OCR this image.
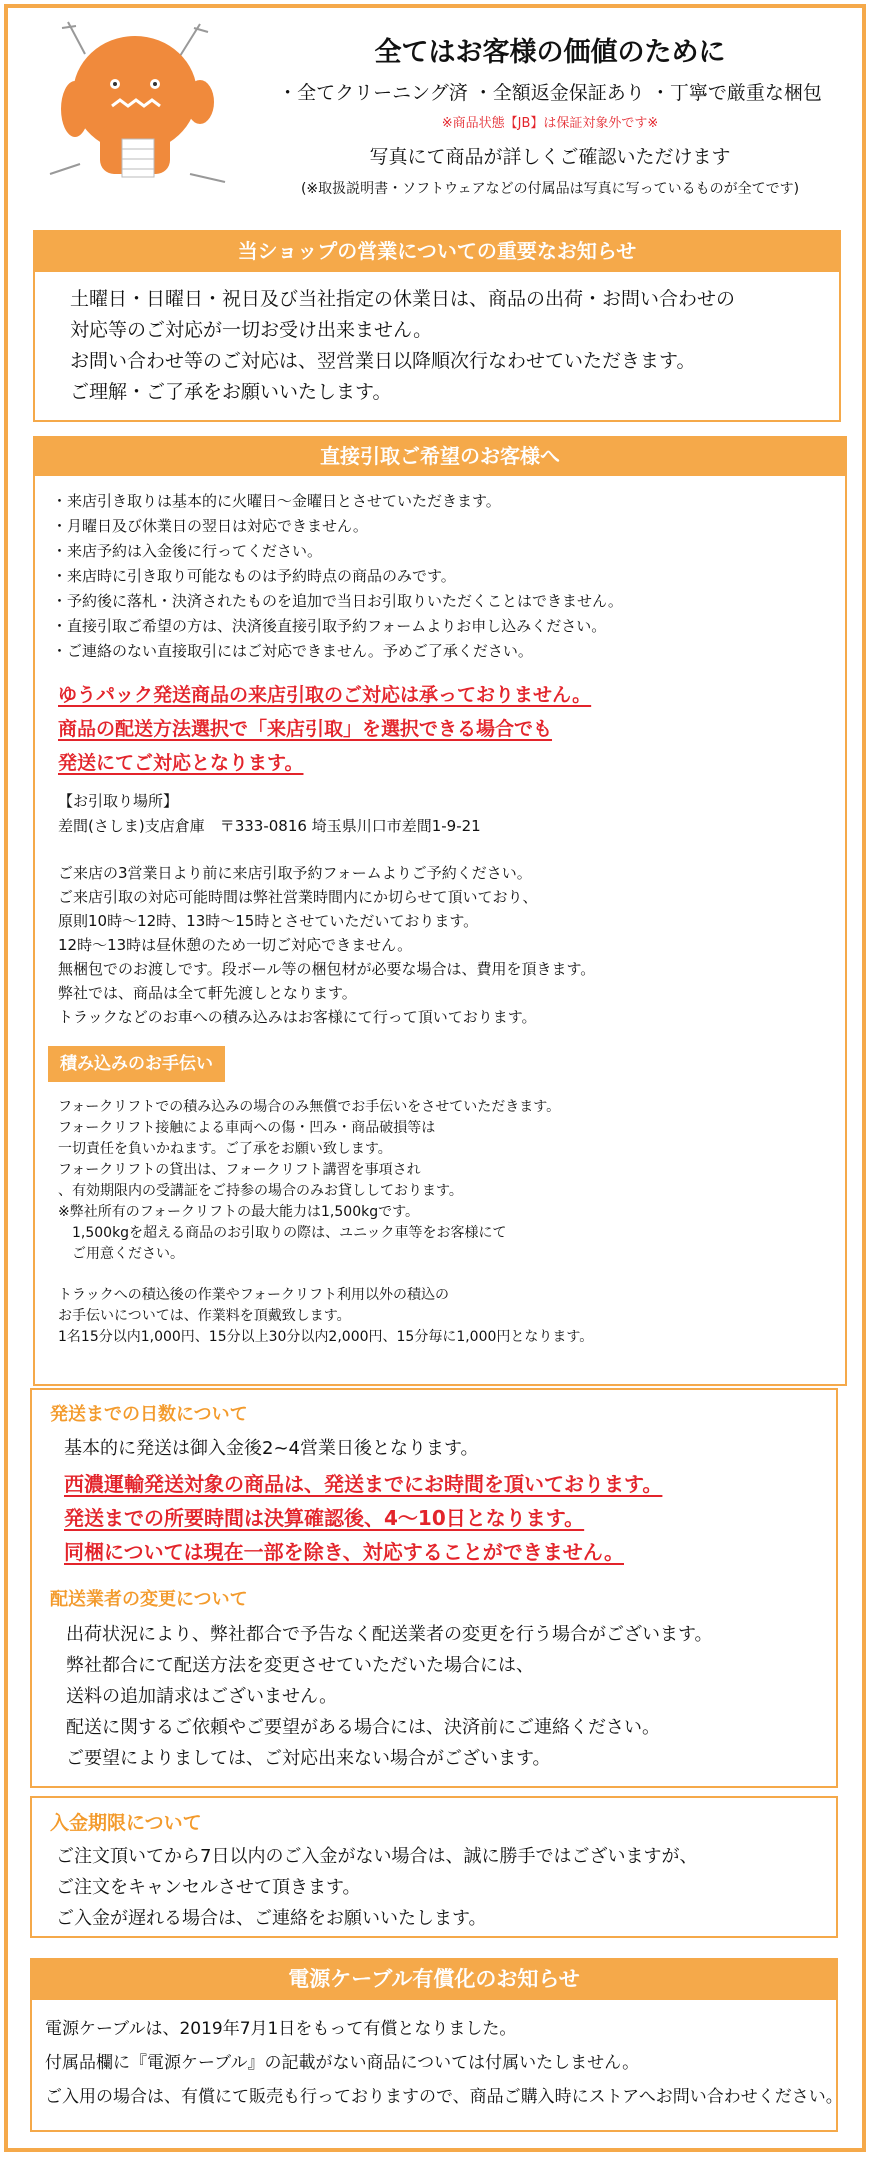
全てはお客様の価値のために
・全てクリーニング済 ・全額返金保証あり ・丁寧で厳重な梱包
※商品状態【JB】は保証対象外です※
写真にて商品が詳しくご確認いただけます
(※取扱説明書・ソフトウェアなどの付属品は写真に写っているものが全てです)
当ショップの営業についての重要なお知らせ
土曜日・日曜日・祝日及び当社指定の休業日は、商品の出荷・お問い合わせの
対応等のご対応が一切お受け出来ません。
お問い合わせ等のご対応は、翌営業日以降順次行なわせていただきます。
ご理解・ご了承をお願いいたします。
直接引取ご希望のお客様へ
・来店引き取りは基本的に火曜日～金曜日とさせていただきます。
・月曜日及び休業日の翌日は対応できません。
・来店予約は入金後に行ってください。
・来店時に引き取り可能なものは予約時点の商品のみです。
・予約後に落札・決済されたものを追加で当日お引取りいただくことはできません。
・直接引取ご希望の方は、決済後直接引取予約フォームよりお申し込みください。
・ご連絡のない直接取引にはご対応できません。予めご了承ください。
ゆうパック発送商品の来店引取のご対応は承っておりません。
商品の配送方法選択で「来店引取」を選択できる場合でも
発送にてご対応となります。
【お引取り場所】
差間(さしま)支店倉庫　〒333-0816 埼玉県川口市差間1-9-21
ご来店の3営業日より前に来店引取予約フォームよりご予約ください。
ご来店引取の対応可能時間は弊社営業時間内にか切らせて頂いており、
原則10時～12時、13時～15時とさせていただいております。
12時～13時は昼休憩のため一切ご対応できません。
無梱包でのお渡しです。段ボール等の梱包材が必要な場合は、費用を頂きます。
弊社では、商品は全て軒先渡しとなります。
トラックなどのお車への積み込みはお客様にて行って頂いております。
積み込みのお手伝い
フォークリフトでの積み込みの場合のみ無償でお手伝いをさせていただきます。
フォークリフト接触による車両への傷・凹み・商品破損等は
一切責任を負いかねます。ご了承をお願い致します。
フォークリフトの貸出は、フォークリフト講習を事項され
、有効期限内の受講証をご持参の場合のみお貸ししております。
※弊社所有のフォークリフトの最大能力は1,500kgです。
　1,500kgを超える商品のお引取りの際は、ユニック車等をお客様にて
　ご用意ください。
トラックへの積込後の作業やフォークリフト利用以外の積込の
お手伝いについては、作業料を頂戴致します。
1名15分以内1,000円、15分以上30分以内2,000円、15分毎に1,000円となります。
発送までの日数について
基本的に発送は御入金後2~4営業日後となります。
西濃運輸発送対象の商品は、発送までにお時間を頂いております。
発送までの所要時間は決算確認後、4～10日となります。
同梱については現在一部を除き、対応することができません。
配送業者の変更について
出荷状況により、弊社都合で予告なく配送業者の変更を行う場合がございます。
弊社都合にて配送方法を変更させていただいた場合には、
送料の追加請求はございません。
配送に関するご依頼やご要望がある場合には、決済前にご連絡ください。
ご要望によりましては、ご対応出来ない場合がございます。
入金期限について
ご注文頂いてから7日以内のご入金がない場合は、誠に勝手ではございますが、
ご注文をキャンセルさせて頂きます。
ご入金が遅れる場合は、ご連絡をお願いいたします。
電源ケーブル有償化のお知らせ
電源ケーブルは、2019年7月1日をもって有償となりました。
付属品欄に『電源ケーブル』の記載がない商品については付属いたしません。
ご入用の場合は、有償にて販売も行っておりますので、商品ご購入時にストアへお問い合わせください。
